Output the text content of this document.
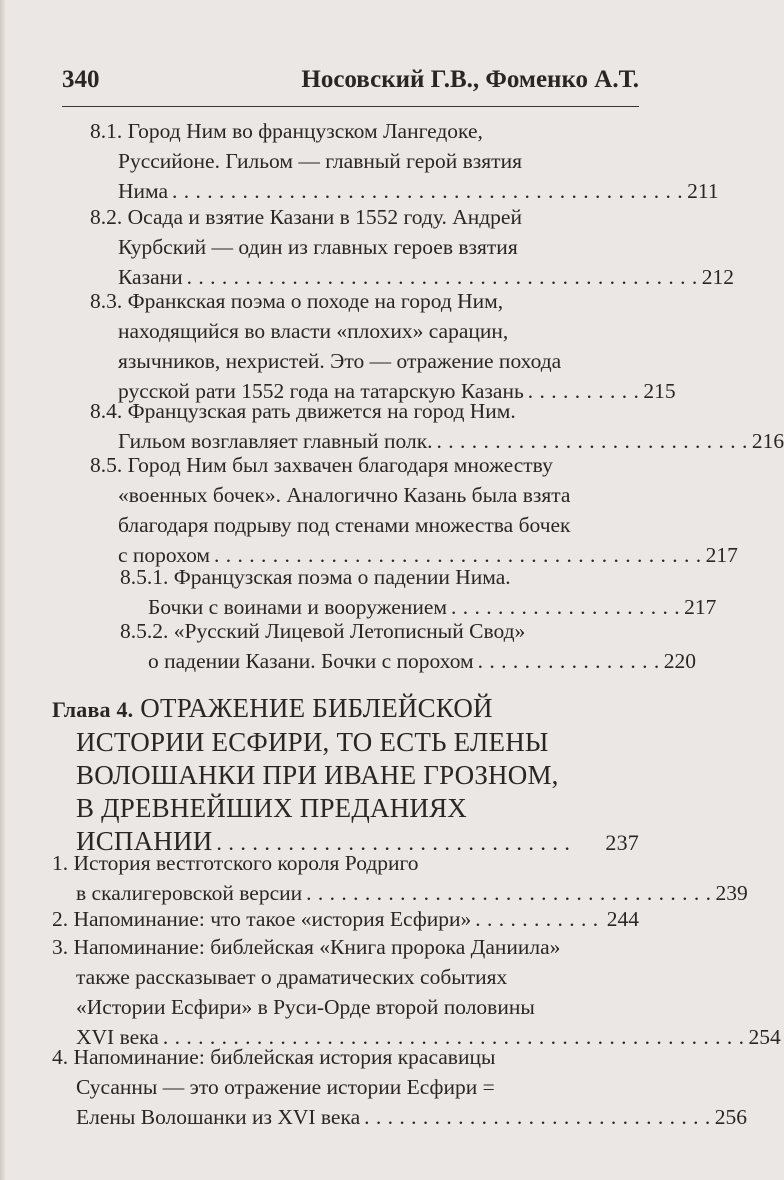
340	Носовский Г.В., Фоменко А.Т.
8.1. Город Ним во французском Лангедоке,
Руссийоне. Гильом — главный герой взятия
Нима . . . . . . . . . . . . . . . . . . . . . . . . . . . . . . . . . . . . . . . . . . . . 211
8.2. Осада и взятие Казани в 1552 году. Андрей
Курбский — один из главных героев взятия
Казани . . . . . . . . . . . . . . . . . . . . . . . . . . . . . . . . . . . . . . . . . . . . 212
8.3. Франкская поэма о походе на город Ним,
находящийся во власти «плохих» сарацин,
язычников, нехристей. Это — отражение похода
русской рати 1552 года на татарскую Казань . . . . . . . . . . 215
8.4. Французская рать движется на город Ним.
Гильом возглавляет главный полк. . . . . . . . . . . . . . . . . . . . . . . . . . . . 216
8.5. Город Ним был захвачен благодаря множеству
«военных бочек». Аналогично Казань была взята
благодаря подрыву под стенами множества бочек
с порохом . . . . . . . . . . . . . . . . . . . . . . . . . . . . . . . . . . . . . . . . . . 217
8.5.1. Французская поэма о падении Нима.
Бочки с воинами и вооружением . . . . . . . . . . . . . . . . . . . . 217
8.5.2. «Русский Лицевой Летописный Свод»
о падении Казани. Бочки с порохом . . . . . . . . . . . . . . . . 220
Глава 4. ОТРАЖЕНИЕ БИБЛЕЙСКОЙ
ИСТОРИИ ЕСФИРИ, ТО ЕСТЬ ЕЛЕНЫ
ВОЛОШАНКИ ПРИ ИВАНЕ ГРОЗНОМ,
В ДРЕВНЕЙШИХ ПРЕДАНИЯХ
ИСПАНИИ . . . . . . . . . . . . . . . . . . . . . . . . . . . . . .	237
1. История вестготского короля Родриго
в скалигеровской версии . . . . . . . . . . . . . . . . . . . . . . . . . . . . . . . . . . . 239
2. Напоминание: что такое «история Есфири» . . . . . . . . . . . 244
3. Напоминание: библейская «Книга пророка Даниила»
также рассказывает о драматических событиях
«Истории Есфири» в Руси-Орде второй половины
XVI века . . . . . . . . . . . . . . . . . . . . . . . . . . . . . . . . . . . . . . . . . . . . . . . . . . 254
4. Напоминание: библейская история красавицы
Сусанны — это отражение истории Есфири =
Елены Волошанки из XVI века . . . . . . . . . . . . . . . . . . . . . . . . . . . . . . 256
